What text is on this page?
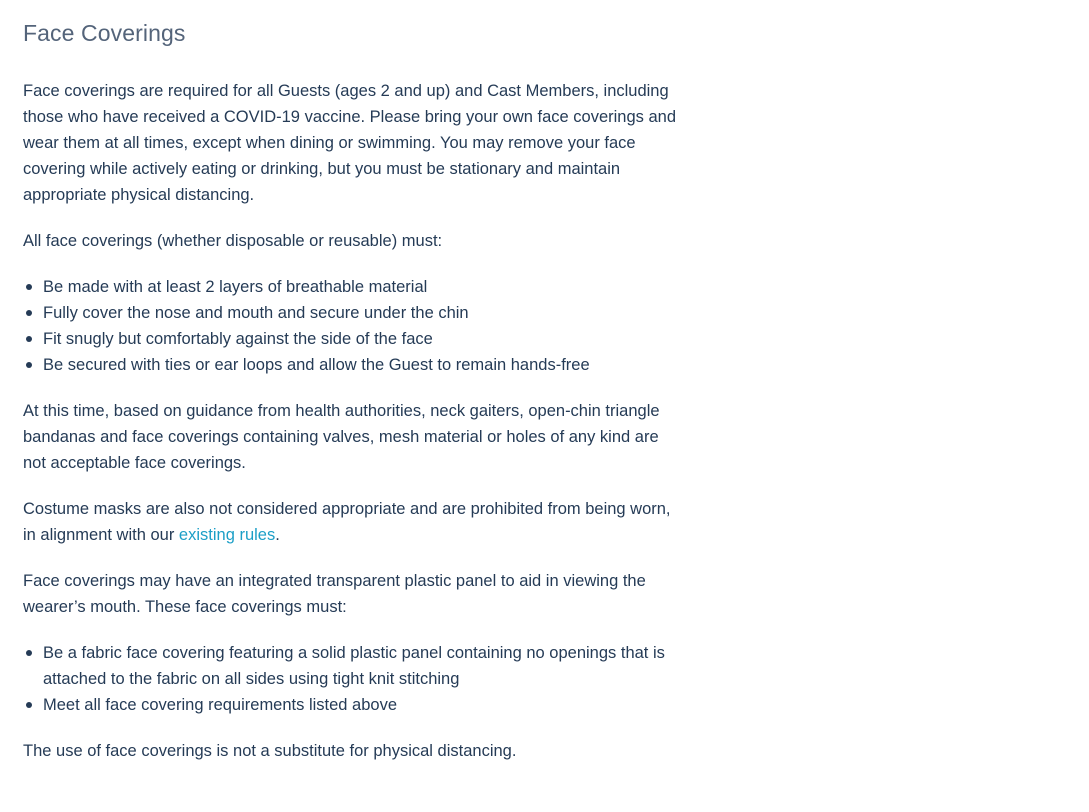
Face Coverings

Face coverings are required for all Guests (ages 2 and up) and Cast Members, including those who have received a COVID-19 vaccine. Please bring your own face coverings and wear them at all times, except when dining or swimming. You may remove your face covering while actively eating or drinking, but you must be stationary and maintain appropriate physical distancing.

All face coverings (whether disposable or reusable) must:

Be made with at least 2 layers of breathable material
Fully cover the nose and mouth and secure under the chin
Fit snugly but comfortably against the side of the face
Be secured with ties or ear loops and allow the Guest to remain hands-free

At this time, based on guidance from health authorities, neck gaiters, open-chin triangle bandanas and face coverings containing valves, mesh material or holes of any kind are not acceptable face coverings.

Costume masks are also not considered appropriate and are prohibited from being worn, in alignment with our existing rules.

Face coverings may have an integrated transparent plastic panel to aid in viewing the wearer’s mouth. These face coverings must:

Be a fabric face covering featuring a solid plastic panel containing no openings that is attached to the fabric on all sides using tight knit stitching
Meet all face covering requirements listed above

The use of face coverings is not a substitute for physical distancing.
